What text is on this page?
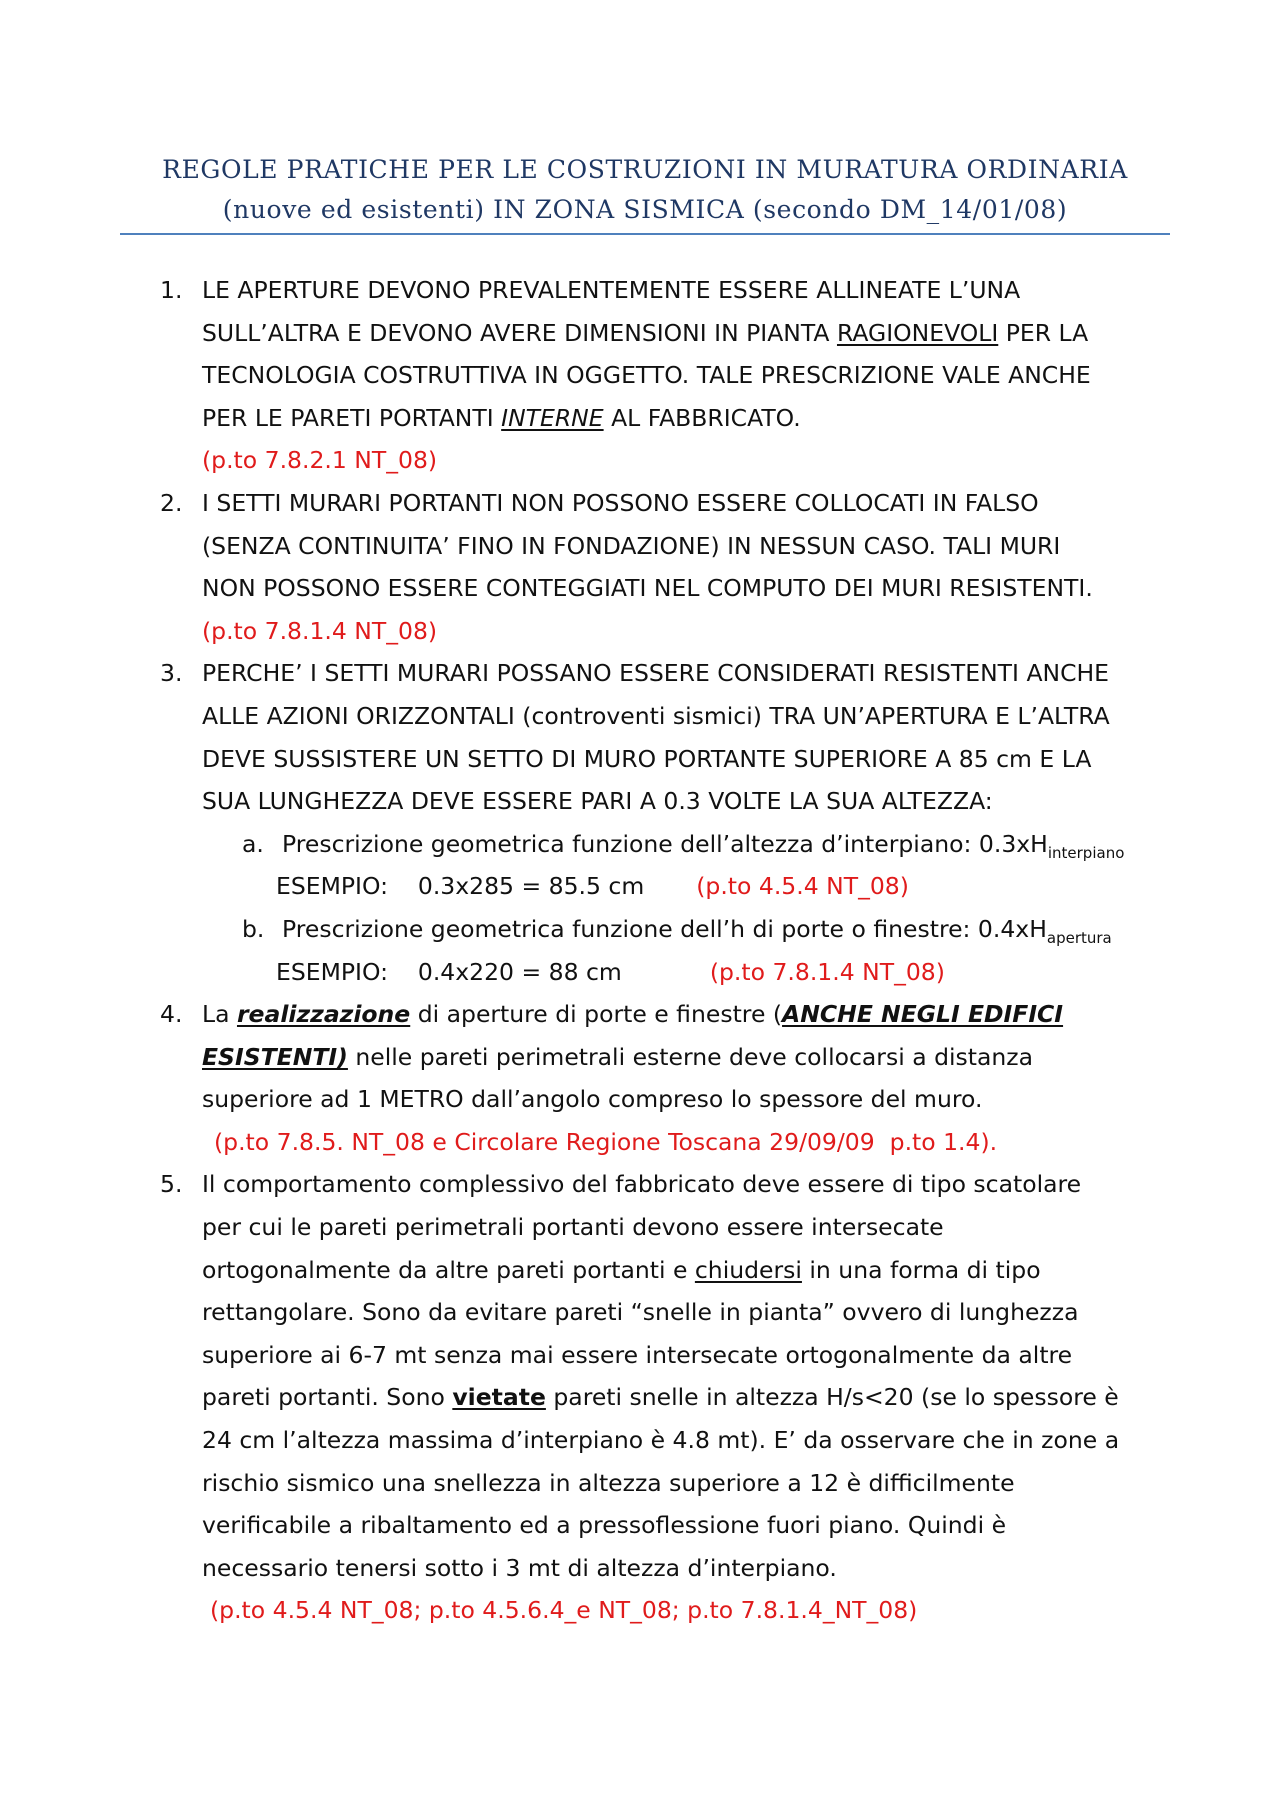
REGOLE PRATICHE PER LE COSTRUZIONI IN MURATURA ORDINARIA
(nuove ed esistenti) IN ZONA SISMICA (secondo DM_14/01/08)
1. LE APERTURE DEVONO PREVALENTEMENTE ESSERE ALLINEATE L’UNA
SULL’ALTRA E DEVONO AVERE DIMENSIONI IN PIANTA RAGIONEVOLI PER LA
TECNOLOGIA COSTRUTTIVA IN OGGETTO. TALE PRESCRIZIONE VALE ANCHE
PER LE PARETI PORTANTI INTERNE AL FABBRICATO.
(p.to 7.8.2.1 NT_08)
2. I SETTI MURARI PORTANTI NON POSSONO ESSERE COLLOCATI IN FALSO
(SENZA CONTINUITA’ FINO IN FONDAZIONE) IN NESSUN CASO. TALI MURI
NON POSSONO ESSERE CONTEGGIATI NEL COMPUTO DEI MURI RESISTENTI.
(p.to 7.8.1.4 NT_08)
3. PERCHE’ I SETTI MURARI POSSANO ESSERE CONSIDERATI RESISTENTI ANCHE
ALLE AZIONI ORIZZONTALI (controventi sismici) TRA UN’APERTURA E L’ALTRA
DEVE SUSSISTERE UN SETTO DI MURO PORTANTE SUPERIORE A 85 cm E LA
SUA LUNGHEZZA DEVE ESSERE PARI A 0.3 VOLTE LA SUA ALTEZZA:
a. Prescrizione geometrica funzione dell’altezza d’interpiano: $0.3xH_{interpiano}$
ESEMPIO:    0.3x285 = 85.5 cm (p.to 4.5.4 NT_08)
b. Prescrizione geometrica funzione dell’h di porte o finestre: $0.4xH_{apertura}$
ESEMPIO:    0.4x220 = 88 cm	(p.to 7.8.1.4 NT_08)
4. La realizzazione di aperture di porte e finestre (ANCHE NEGLI EDIFICI
ESISTENTI) nelle pareti perimetrali esterne deve collocarsi a distanza
superiore ad 1 METRO dall’angolo compreso lo spessore del muro.
(p.to 7.8.5. NT_08 e Circolare Regione Toscana 29/09/09  p.to 1.4).
5. Il comportamento complessivo del fabbricato deve essere di tipo scatolare
per cui le pareti perimetrali portanti devono essere intersecate
ortogonalmente da altre pareti portanti e chiudersi in una forma di tipo
rettangolare. Sono da evitare pareti “snelle in pianta” ovvero di lunghezza
superiore ai 6-7 mt senza mai essere intersecate ortogonalmente da altre
pareti portanti. Sono vietate pareti snelle in altezza H/s<20 (se lo spessore è
24 cm l’altezza massima d’interpiano è 4.8 mt). E’ da osservare che in zone a
rischio sismico una snellezza in altezza superiore a 12 è difficilmente
verificabile a ribaltamento ed a pressoflessione fuori piano. Quindi è
necessario tenersi sotto i 3 mt di altezza d’interpiano.
(p.to 4.5.4 NT_08; p.to 4.5.6.4_e NT_08; p.to 7.8.1.4_NT_08)
